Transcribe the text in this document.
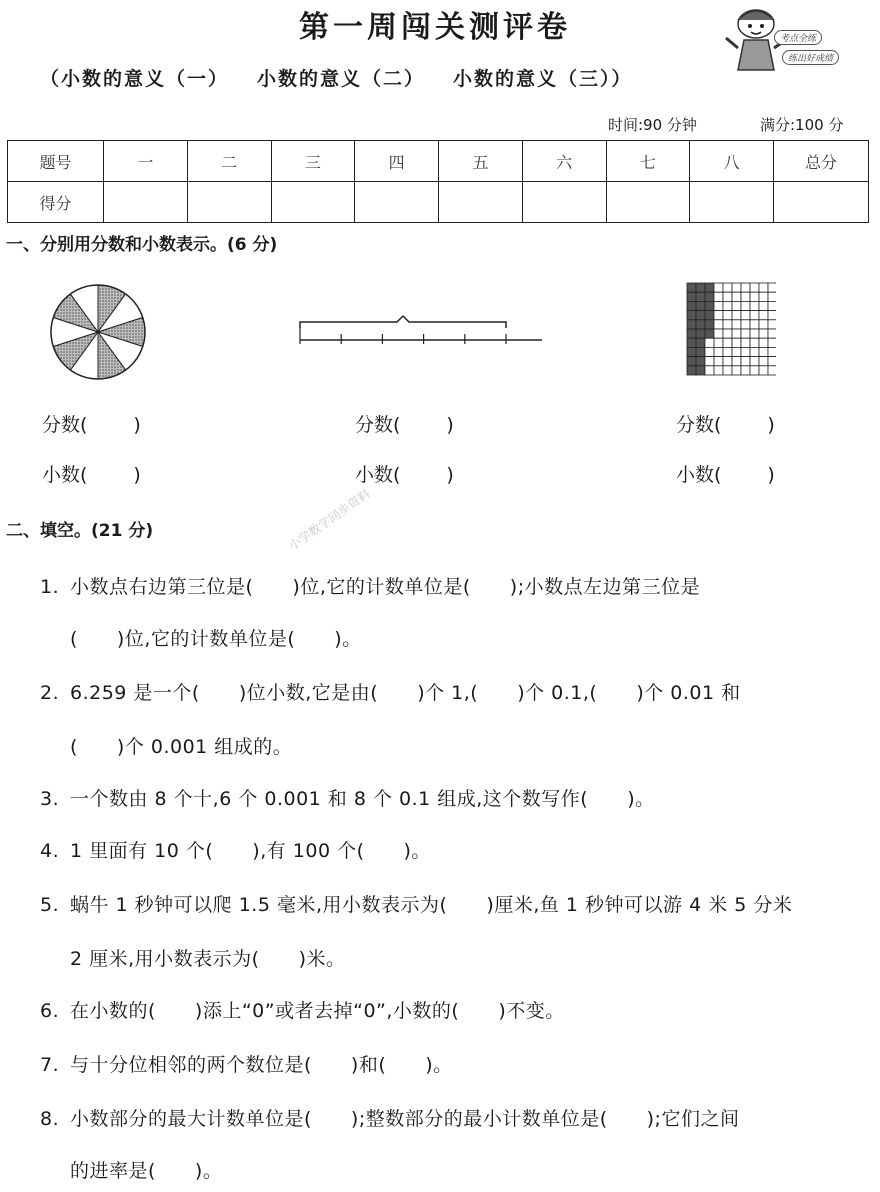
第一周闯关测评卷
（小数的意义（一） 小数的意义（二） 小数的意义（三））
考点全练
练出好成绩
时间:90 分钟	满分:100 分
题号	一	二	三	四	五	六	七	八	总分
得分									
一、分别用分数和小数表示。(6 分)
分数( )	分数( )	分数( )
小数( )	小数( )	小数( )
小学数学同步资料
二、填空。(21 分)
1. 小数点右边第三位是(　　)位,它的计数单位是(　　);小数点左边第三位是
(　　)位,它的计数单位是(　　)。
2. 6.259 是一个(　　)位小数,它是由(　　)个 1,(　　)个 0.1,(　　)个 0.01 和
(　　)个 0.001 组成的。
3. 一个数由 8 个十,6 个 0.001 和 8 个 0.1 组成,这个数写作(　　)。
4. 1 里面有 10 个(　　),有 100 个(　　)。
5. 蜗牛 1 秒钟可以爬 1.5 毫米,用小数表示为(　　)厘米,鱼 1 秒钟可以游 4 米 5 分米
2 厘米,用小数表示为(　　)米。
6. 在小数的(　　)添上“0”或者去掉“0”,小数的(　　)不变。
7. 与十分位相邻的两个数位是(　　)和(　　)。
8. 小数部分的最大计数单位是(　　);整数部分的最小计数单位是(　　);它们之间
的进率是(　　)。
